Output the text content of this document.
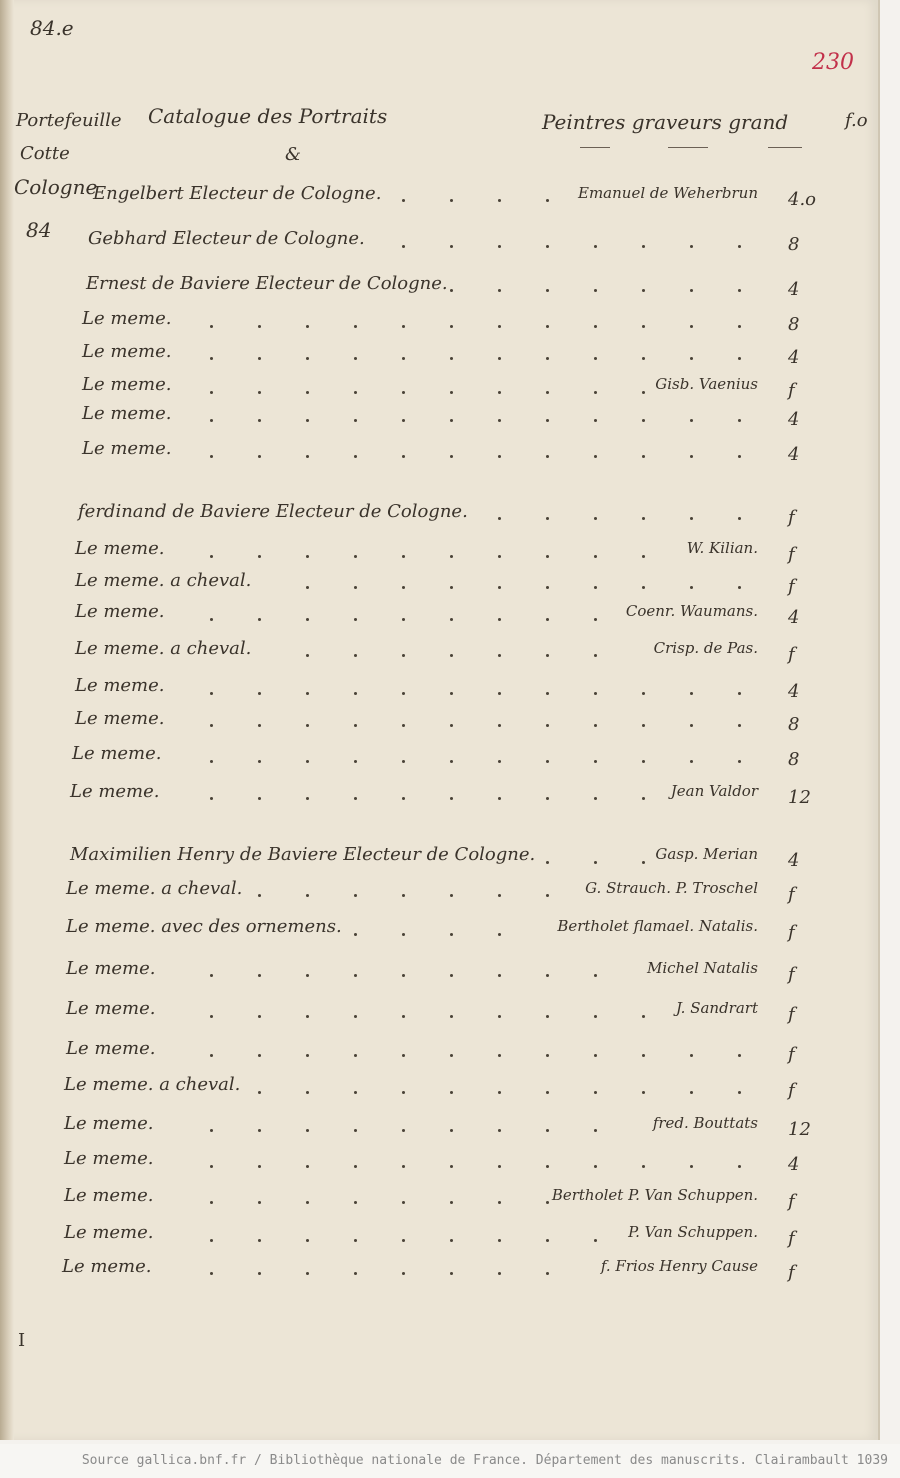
84.e
230
Portefeuille
Cotte
Cologne
84
Catalogue des Portraits
&
Peintres graveurs grand	f.o
Engelbert Electeur de Cologne.	Emanuel de Weherbrun 4.o
Gebhard Electeur de Cologne.	8
Ernest de Baviere Electeur de Cologne.	4
Le meme.	8
Le meme.	4
Le meme.	Gisb. Vaenius f
Le meme.	4
Le meme.	4
ferdinand de Baviere Electeur de Cologne.	f
Le meme.	W. Kilian. f
Le meme. a cheval.	f
Le meme.	Coenr. Waumans. 4
Le meme. a cheval.	Crisp. de Pas. f
Le meme.	4
Le meme.	8
Le meme.	8
Le meme.	Jean Valdor 12
Maximilien Henry de Baviere Electeur de Cologne.	Gasp. Merian 4
Le meme. a cheval.	G. Strauch. P. Troschel f
Le meme. avec des ornemens.	Bertholet flamael. Natalis. f
Le meme.	Michel Natalis f
Le meme.	J. Sandrart f
Le meme.	f
Le meme. a cheval.	f
Le meme.	fred. Bouttats 12
Le meme.	4
Le meme.	Bertholet P. Van Schuppen. f
Le meme.	P. Van Schuppen. f
Le meme.	f. Frios Henry Cause f
I
Source gallica.bnf.fr / Bibliothèque nationale de France. Département des manuscrits. Clairambault 1039
